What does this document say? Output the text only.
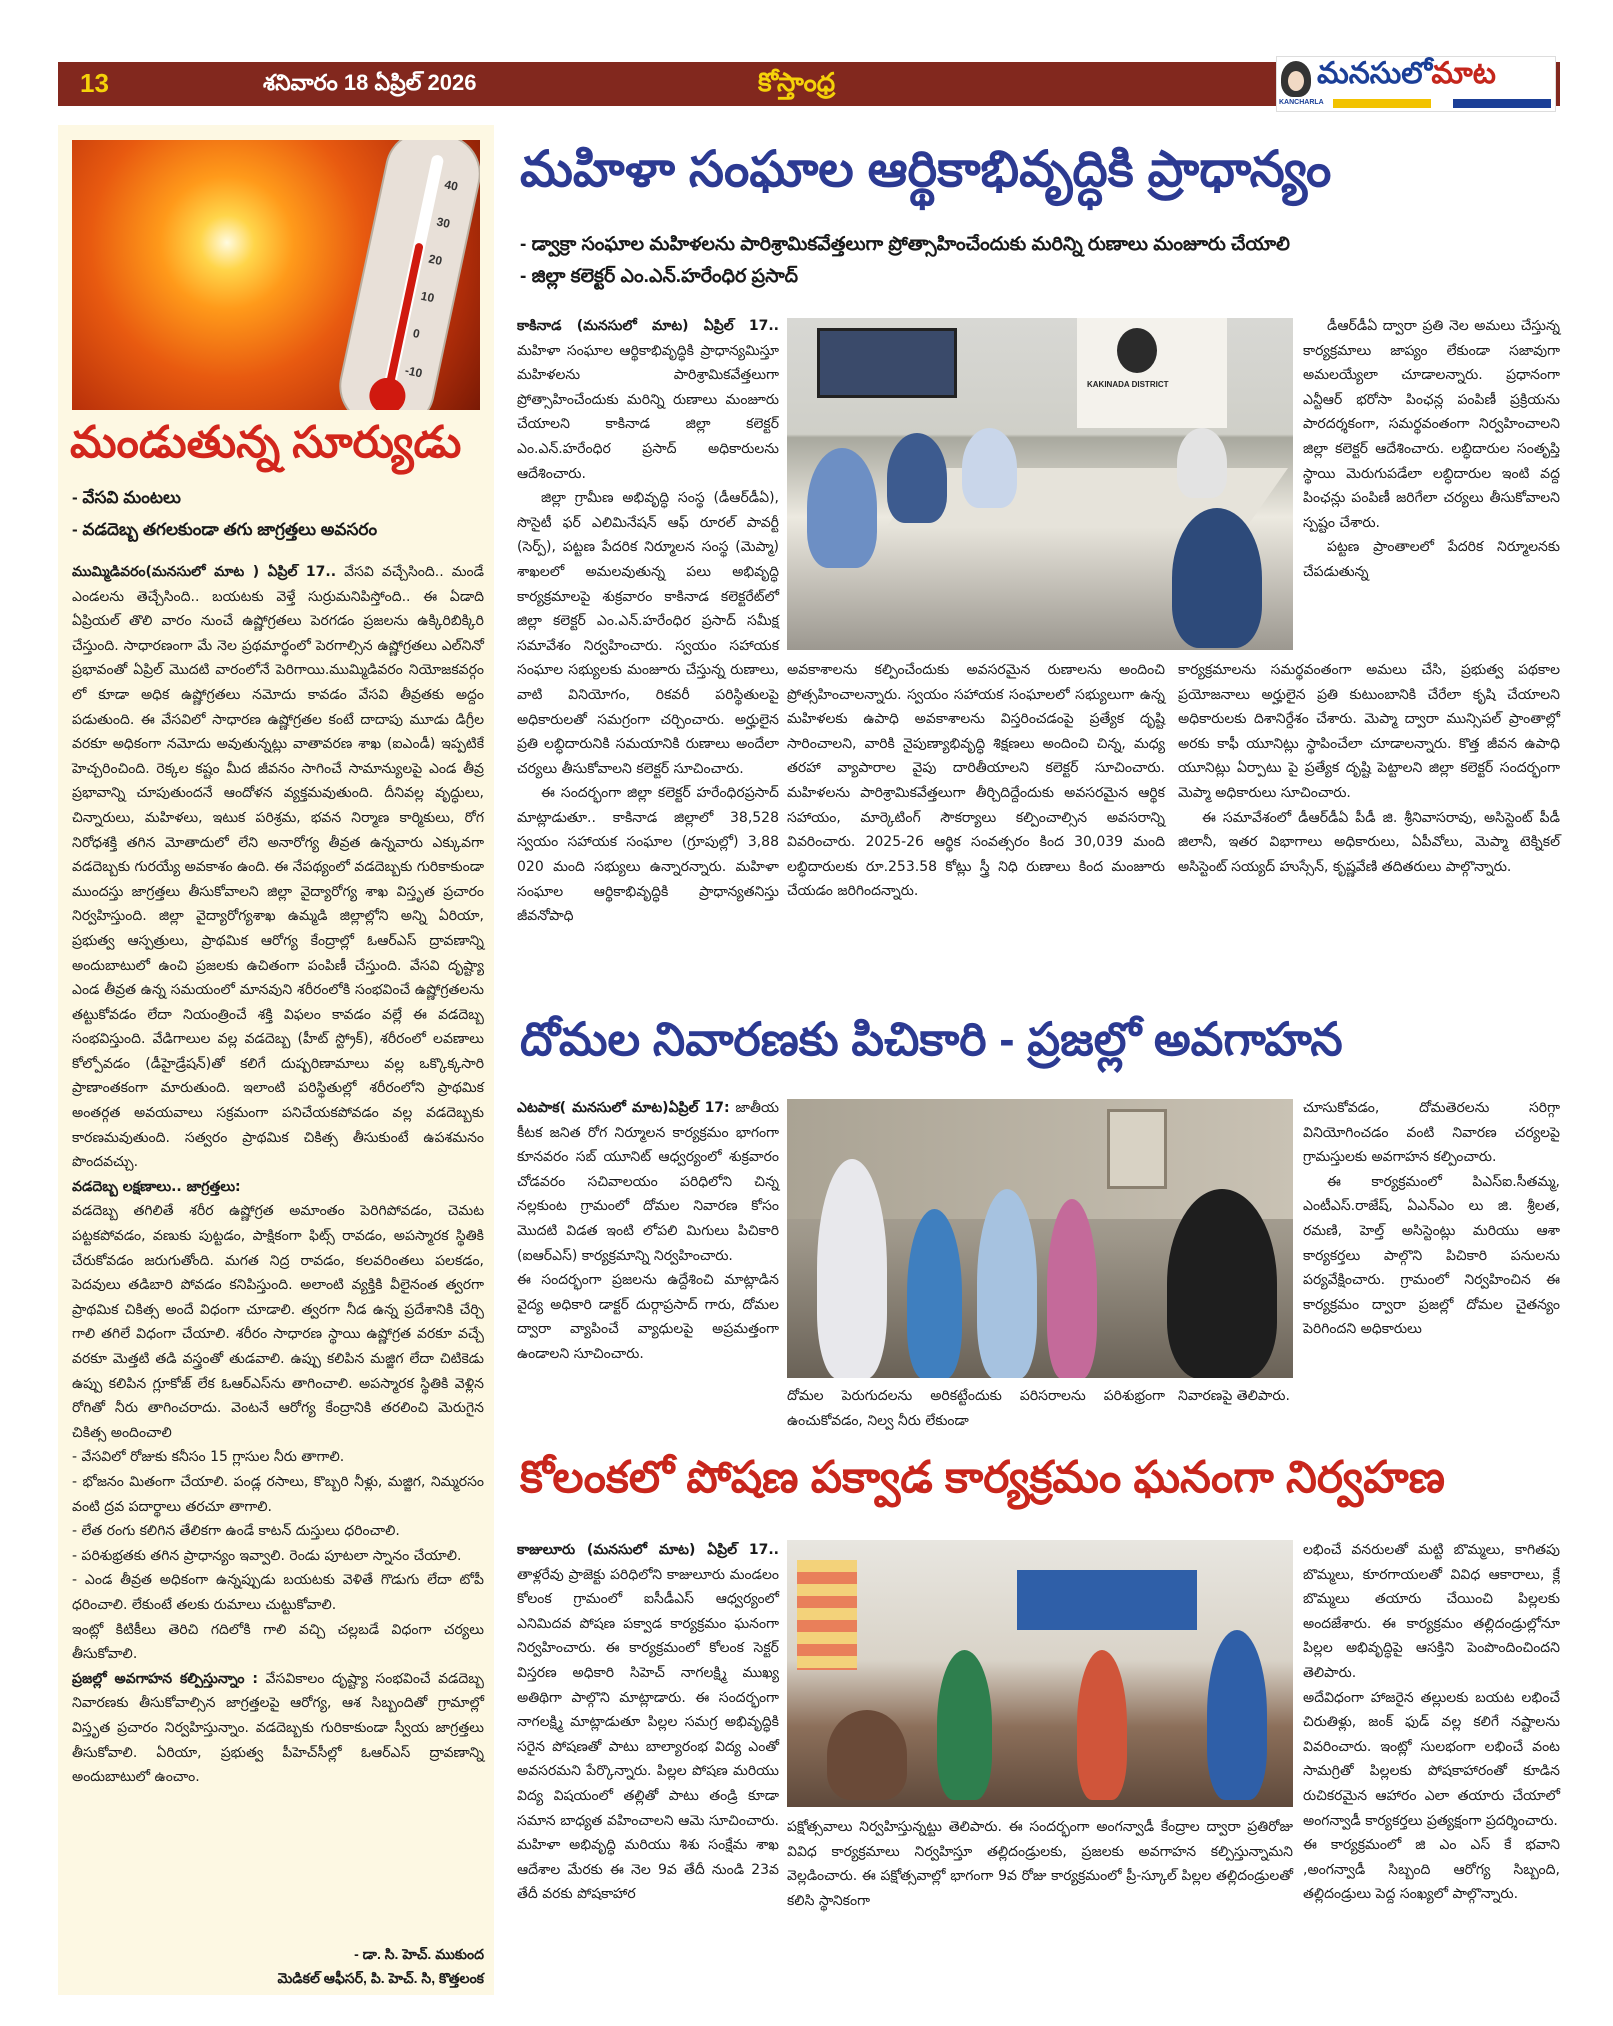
13	శనివారం 18 ఏప్రిల్ 2026	కోస్తాంధ్ర
KANCHARLA
మనసులోమాట
40
30
20
10
0
-10
మండుతున్న సూర్యుడు
- వేసవి మంటలు
- వడదెబ్బ తగలకుండా తగు జాగ్రత్తలు అవసరం

ముమ్మిడివరం(మనసులో మాట ) ఏప్రిల్ 17.. వేసవి వచ్చేసింది.. మండే ఎండలను తెచ్చేసింది.. బయటకు వెళ్తే సుర్రుమనిపిస్తోంది.. ఈ ఏడాది ఏప్రియల్ తొలి వారం నుంచే ఉష్ణోగ్రతలు పెరగడం ప్రజలను ఉక్కిరిబిక్కిరి చేస్తుంది. సాధారణంగా మే నెల ప్రథమార్థంలో పెరగాల్సిన ఉష్ణోగ్రతలు ఎల్‌నినో ప్రభావంతో ఏప్రిల్ మొదటి వారంలోనే పెరిగాయి.ముమ్మిడివరం నియోజకవర్గం లో కూడా అధిక ఉష్ణోగ్రతలు నమోదు కావడం వేసవి తీవ్రతకు అద్దం పడుతుంది. ఈ వేసవిలో సాధారణ ఉష్ణోగ్రతల కంటే దాదాపు మూడు డిగ్రీల వరకూ అధికంగా నమోదు అవుతున్నట్లు వాతావరణ శాఖ (ఐఎండీ) ఇప్పటికే హెచ్చరించింది. రెక్కల కష్టం మీద జీవనం సాగించే సామాన్యులపై ఎండ తీవ్ర ప్రభావాన్ని చూపుతుందనే ఆందోళన వ్యక్తమవుతుంది. దీనివల్ల వృద్ధులు, చిన్నారులు, మహిళలు, ఇటుక పరిశ్రమ, భవన నిర్మాణ కార్మికులు, రోగ నిరోధశక్తి తగిన మోతాదులో లేని అనారోగ్య తీవ్రత ఉన్నవారు ఎక్కువగా వడదెబ్బకు గురయ్యే అవకాశం ఉంది. ఈ నేపథ్యంలో వడదెబ్బకు గురికాకుండా ముందస్తు జాగ్రత్తలు తీసుకోవాలని జిల్లా వైద్యారోగ్య శాఖ విస్తృత ప్రచారం నిర్వహిస్తుంది. జిల్లా వైద్యారోగ్యశాఖ ఉమ్మడి జిల్లాల్లోని అన్ని ఏరియా, ప్రభుత్వ ఆస్పత్రులు, ప్రాథమిక ఆరోగ్య కేంద్రాల్లో ఓఆర్ఎస్ ద్రావణాన్ని అందుబాటులో ఉంచి ప్రజలకు ఉచితంగా పంపిణీ చేస్తుంది. వేసవి దృష్ట్యా ఎండ తీవ్రత ఉన్న సమయంలో మానవుని శరీరంలోకి సంభవించే ఉష్ణోగ్రతలను తట్టుకోవడం లేదా నియంత్రించే శక్తి విఫలం కావడం వల్లే ఈ వడదెబ్బ సంభవిస్తుంది. వేడిగాలుల వల్ల వడదెబ్బ (హీట్ స్ట్రోక్), శరీరంలో లవణాలు కోల్పోవడం (డీహైడ్రేషన్)తో కలిగే దుష్పరిణామాలు వల్ల ఒక్కొక్కసారి ప్రాణాంతకంగా మారుతుంది. ఇలాంటి పరిస్థితుల్లో శరీరంలోని ప్రాథమిక అంతర్గత అవయవాలు సక్రమంగా పనిచేయకపోవడం వల్ల వడదెబ్బకు కారణమవుతుంది. సత్వరం ప్రాథమిక చికిత్స తీసుకుంటే ఉపశమనం పొందవచ్చు.

వడదెబ్బ లక్షణాలు.. జాగ్రత్తలు:

వడదెబ్బ తగిలితే శరీర ఉష్ణోగ్రత అమాంతం పెరిగిపోవడం, చెమట పట్టకపోవడం, వణుకు పుట్టడం, పాక్షికంగా ఫిట్స్ రావడం, అపస్మారక స్థితికి చేరుకోవడం జరుగుతోంది. మగత నిద్ర రావడం, కలవరింతలు పలకడం, పెదవులు తడిబారి పోవడం కనిపిస్తుంది. అలాంటి వ్యక్తికి వీలైనంత త్వరగా ప్రాథమిక చికిత్స అందే విధంగా చూడాలి. త్వరగా నీడ ఉన్న ప్రదేశానికి చేర్చి గాలి తగిలే విధంగా చేయాలి. శరీరం సాధారణ స్థాయి ఉష్ణోగ్రత వరకూ వచ్చే వరకూ మెత్తటి తడి వస్త్రంతో తుడవాలి. ఉప్పు కలిపిన మజ్జిగ లేదా చిటికెడు ఉప్పు కలిపిన గ్లూకోజ్ లేక ఓఆర్ఎస్‌ను తాగించాలి. అపస్మారక స్థితికి వెళ్లిన రోగితో నీరు తాగించరాదు. వెంటనే ఆరోగ్య కేంద్రానికి తరలించి మెరుగైన చికిత్స అందించాలి

- వేసవిలో రోజుకు కనీసం 15 గ్లాసుల నీరు తాగాలి.

- భోజనం మితంగా చేయాలి. పండ్ల రసాలు, కొబ్బరి నీళ్లు, మజ్జిగ, నిమ్మరసం వంటి ద్రవ పదార్థాలు తరచూ తాగాలి.

- లేత రంగు కలిగిన తేలికగా ఉండే కాటన్ దుస్తులు ధరించాలి.

- పరిశుభ్రతకు తగిన ప్రాధాన్యం ఇవ్వాలి. రెండు పూటలా స్నానం చేయాలి.

- ఎండ తీవ్రత అధికంగా ఉన్నప్పుడు బయటకు వెళితే గొడుగు లేదా టోపీ ధరించాలి. లేకుంటే తలకు రుమాలు చుట్టుకోవాలి.

ఇంట్లో కిటికీలు తెరిచి గదిలోకి గాలి వచ్చి చల్లబడే విధంగా చర్యలు తీసుకోవాలి.

ప్రజల్లో అవగాహన కల్పిస్తున్నాం : వేసవికాలం దృష్ట్యా సంభవించే వడదెబ్బ నివారణకు తీసుకోవాల్సిన జాగ్రత్తలపై ఆరోగ్య, ఆశ సిబ్బందితో గ్రామాల్లో విస్తృత ప్రచారం నిర్వహిస్తున్నాం. వడదెబ్బకు గురికాకుండా స్వీయ జాగ్రత్తలు తీసుకోవాలి. ఏరియా, ప్రభుత్వ పీహెచ్‌సీల్లో ఓఆర్ఎస్ ద్రావణాన్ని అందుబాటులో ఉంచాం.

- డా. సి. హెచ్. ముకుంద
మెడికల్ ఆఫీసర్, పి. హెచ్. సి, కొత్తలంక
మహిళా సంఘాల ఆర్థికాభివృద్ధికి ప్రాధాన్యం
- డ్వాక్రా సంఘాల మహిళలను పారిశ్రామికవేత్తలుగా ప్రోత్సాహించేందుకు మరిన్ని రుణాలు మంజూరు చేయాలి
- జిల్లా కలెక్టర్ ఎం.ఎన్.హరేంధిర ప్రసాద్

కాకినాడ (మనసులో మాట) ఏప్రిల్ 17.. మహిళా సంఘాల ఆర్థికాభివృద్ధికి ప్రాధాన్యమిస్తూ మహిళలను పారిశ్రామికవేత్తలుగా ప్రోత్సాహించేందుకు మరిన్ని రుణాలు మంజూరు చేయాలని కాకినాడ జిల్లా కలెక్టర్ ఎం.ఎన్.హరేంధిర ప్రసాద్ అధికారులను ఆదేశించారు.

జిల్లా గ్రామీణ అభివృద్ధి సంస్థ (డీఆర్‌డీఏ), సొసైటీ ఫర్ ఎలిమినేషన్ ఆఫ్ రూరల్ పావర్టీ (సెర్ప్), పట్టణ పేదరిక నిర్మూలన సంస్థ (మెప్మా) శాఖలలో అమలవుతున్న పలు అభివృద్ధి కార్యక్రమాలపై శుక్రవారం కాకినాడ కలెక్టరేట్‌లో జిల్లా కలెక్టర్ ఎం.ఎన్.హరేంధిర ప్రసాద్ సమీక్ష సమావేశం నిర్వహించారు. స్వయం సహాయక సంఘాల సభ్యులకు మంజూరు చేస్తున్న రుణాలు, వాటి వినియోగం, రికవరీ పరిస్థితులపై అధికారులతో సమగ్రంగా చర్చించారు. అర్హులైన ప్రతి లబ్ధిదారునికి సమయానికి రుణాలు అందేలా చర్యలు తీసుకోవాలని కలెక్టర్ సూచించారు.

ఈ సందర్భంగా జిల్లా కలెక్టర్ హరేంధిరప్రసాద్ మాట్లాడుతూ.. కాకినాడ జిల్లాలో 38,528 స్వయం సహాయక సంఘాల (గ్రూపుల్లో) 3,88 020 మంది సభ్యులు ఉన్నారన్నారు. మహిళా సంఘాల ఆర్థికాభివృద్ధికి ప్రాధాన్యతనిస్తు జీవనోపాధి

KAKINADA DISTRICT

డీఆర్‌డీఏ ద్వారా ప్రతి నెల అమలు చేస్తున్న కార్యక్రమాలు జాప్యం లేకుండా సజావుగా అమలయ్యేలా చూడాలన్నారు. ప్రధానంగా ఎన్టీఆర్ భరోసా పింఛన్ల పంపిణీ ప్రక్రియను పారదర్శకంగా, సమర్థవంతంగా నిర్వహించాలని జిల్లా కలెక్టర్ ఆదేశించారు. లబ్ధిదారుల సంతృప్తి స్థాయి మెరుగుపడేలా లబ్ధిదారుల ఇంటి వద్ద పింఛన్లు పంపిణీ జరిగేలా చర్యలు తీసుకోవాలని స్పష్టం చేశారు.

పట్టణ ప్రాంతాలలో పేదరిక నిర్మూలనకు చేపడుతున్న

అవకాశాలను కల్పించేందుకు అవసరమైన రుణాలను అందించి ప్రోత్సహించాలన్నారు. స్వయం సహాయక సంఘాలలో సభ్యులుగా ఉన్న మహిళలకు ఉపాధి అవకాశాలను విస్తరించడంపై ప్రత్యేక దృష్టి సారించాలని, వారికి నైపుణ్యాభివృద్ధి శిక్షణలు అందించి చిన్న, మధ్య తరహా వ్యాపారాల వైపు దారితీయాలని కలెక్టర్ సూచించారు. మహిళలను పారిశ్రామికవేత్తలుగా తీర్చిదిద్దేందుకు అవసరమైన ఆర్థిక సహాయం, మార్కెటింగ్ సౌకర్యాలు కల్పించాల్సిన అవసరాన్ని వివరించారు. 2025-26 ఆర్థిక సంవత్సరం కింద 30,039 మంది లబ్ధిదారులకు రూ.253.58 కోట్లు స్త్రీ నిధి రుణాలు కింద మంజూరు చేయడం జరిగిందన్నారు.

కార్యక్రమాలను సమర్థవంతంగా అమలు చేసి, ప్రభుత్వ పథకాల ప్రయోజనాలు అర్హులైన ప్రతి కుటుంబానికి చేరేలా కృషి చేయాలని అధికారులకు దిశానిర్దేశం చేశారు. మెప్మా ద్వారా మున్సిపల్ ప్రాంతాల్లో అరకు కాఫీ యూనిట్లు స్థాపించేలా చూడాలన్నారు. కొత్త జీవన ఉపాధి యూనిట్లు ఏర్పాటు పై ప్రత్యేక దృష్టి పెట్టాలని జిల్లా కలెక్టర్ సందర్భంగా మెప్మా అధికారులు సూచించారు.

ఈ సమావేశంలో డీఆర్‌డీఏ పీడీ జి. శ్రీనివాసరావు, అసిస్టెంట్ పీడీ జిలానీ, ఇతర విభాగాలు అధికారులు, ఏపీవోలు, మెప్మా టెక్నికల్ అసిస్టెంట్ సయ్యద్ హుస్సేన్, కృష్ణవేణి తదితరులు పాల్గొన్నారు.

దోమల నివారణకు పిచికారి - ప్రజల్లో అవగాహన

ఎటపాక( మనసులో మాట)ఏప్రిల్ 17: జాతీయ కీటక జనిత రోగ నిర్మూలన కార్యక్రమం భాగంగా కూనవరం సబ్ యూనిట్ ఆధ్వర్యంలో శుక్రవారం చోడవరం సచివాలయం పరిధిలోని చిన్న నల్లకుంట గ్రామంలో దోమల నివారణ కోసం మొదటి విడత ఇంటి లోపలి మిగులు పిచికారి (ఐఆర్ఎస్) కార్యక్రమాన్ని నిర్వహించారు.

ఈ సందర్భంగా ప్రజలను ఉద్దేశించి మాట్లాడిన వైద్య అధికారి డాక్టర్ దుర్గాప్రసాద్ గారు, దోమల ద్వారా వ్యాపించే వ్యాధులపై అప్రమత్తంగా ఉండాలని సూచించారు.

చూసుకోవడం, దోమతెరలను సరిగ్గా వినియోగించడం వంటి నివారణ చర్యలపై గ్రామస్తులకు అవగాహన కల్పించారు.

ఈ కార్యక్రమంలో పిఎస్ఐ.సీతమ్మ, ఎంటీఎస్.రాజేష్, ఏఎన్ఎం లు జి. శ్రీలత, రమణి, హెల్త్ అసిస్టెంట్లు మరియు ఆశా కార్యకర్తలు పాల్గొని పిచికారి పనులను పర్యవేక్షించారు. గ్రామంలో నిర్వహించిన ఈ కార్యక్రమం ద్వారా ప్రజల్లో దోమల చైతన్యం పెరిగిందని అధికారులు

దోమల పెరుగుదలను అరికట్టేందుకు పరిసరాలను పరిశుభ్రంగా ఉంచుకోవడం, నిల్వ నీరు లేకుండా

నివారణపై తెలిపారు.

కోలంకలో పోషణ పక్వాడ కార్యక్రమం ఘనంగా నిర్వహణ

కాజులూరు (మనసులో మాట) ఏప్రిల్ 17.. తాళ్లరేవు ప్రాజెక్టు పరిధిలోని కాజులూరు మండలం కోలంక గ్రామంలో ఐసీడీఎస్ ఆధ్వర్యంలో ఎనిమిదవ పోషణ పక్వాడ కార్యక్రమం ఘనంగా నిర్వహించారు. ఈ కార్యక్రమంలో కోలంక సెక్టర్ విస్తరణ అధికారి సిహెచ్ నాగలక్ష్మి ముఖ్య అతిథిగా పాల్గొని మాట్లాడారు. ఈ సందర్భంగా నాగలక్ష్మి మాట్లాడుతూ పిల్లల సమగ్ర అభివృద్ధికి సరైన పోషణతో పాటు బాల్యారంభ విద్య ఎంతో అవసరమని పేర్కొన్నారు. పిల్లల పోషణ మరియు విద్య విషయంలో తల్లితో పాటు తండ్రి కూడా సమాన బాధ్యత వహించాలని ఆమె సూచించారు. మహిళా అభివృద్ధి మరియు శిశు సంక్షేమ శాఖ ఆదేశాల మేరకు ఈ నెల 9వ తేదీ నుండి 23వ తేదీ వరకు పోషకాహార

పక్షోత్సవాలు నిర్వహిస్తున్నట్టు తెలిపారు. ఈ సందర్భంగా అంగన్వాడీ కేంద్రాల ద్వారా ప్రతిరోజు వివిధ కార్యక్రమాలు నిర్వహిస్తూ తల్లిదండ్రులకు, ప్రజలకు అవగాహన కల్పిస్తున్నామని వెల్లడించారు. ఈ పక్షోత్సవాల్లో భాగంగా 9వ రోజు కార్యక్రమంలో ప్రీ-స్కూల్ పిల్లల తల్లిదండ్రులతో కలిసి స్థానికంగా

లభించే వనరులతో మట్టి బొమ్మలు, కాగితపు బొమ్మలు, కూరగాయలతో వివిధ ఆకారాలు, క్లే బొమ్మలు తయారు చేయించి పిల్లలకు అందజేశారు. ఈ కార్యక్రమం తల్లిదండ్రుల్లోనూ పిల్లల అభివృద్ధిపై ఆసక్తిని పెంపొందించిందని తెలిపారు.

అదేవిధంగా హాజరైన తల్లులకు బయట లభించే చిరుతిళ్లు, జంక్ ఫుడ్ వల్ల కలిగే నష్టాలను వివరించారు. ఇంట్లో సులభంగా లభించే వంట సామగ్రితో పిల్లలకు పోషకాహారంతో కూడిన రుచికరమైన ఆహారం ఎలా తయారు చేయాలో అంగన్వాడీ కార్యకర్తలు ప్రత్యక్షంగా ప్రదర్శించారు.

ఈ కార్యక్రమంలో జి ఎం ఎస్ కే భవాని ,అంగన్వాడీ సిబ్బంది ఆరోగ్య సిబ్బంది, తల్లిదండ్రులు పెద్ద సంఖ్యలో పాల్గొన్నారు.
